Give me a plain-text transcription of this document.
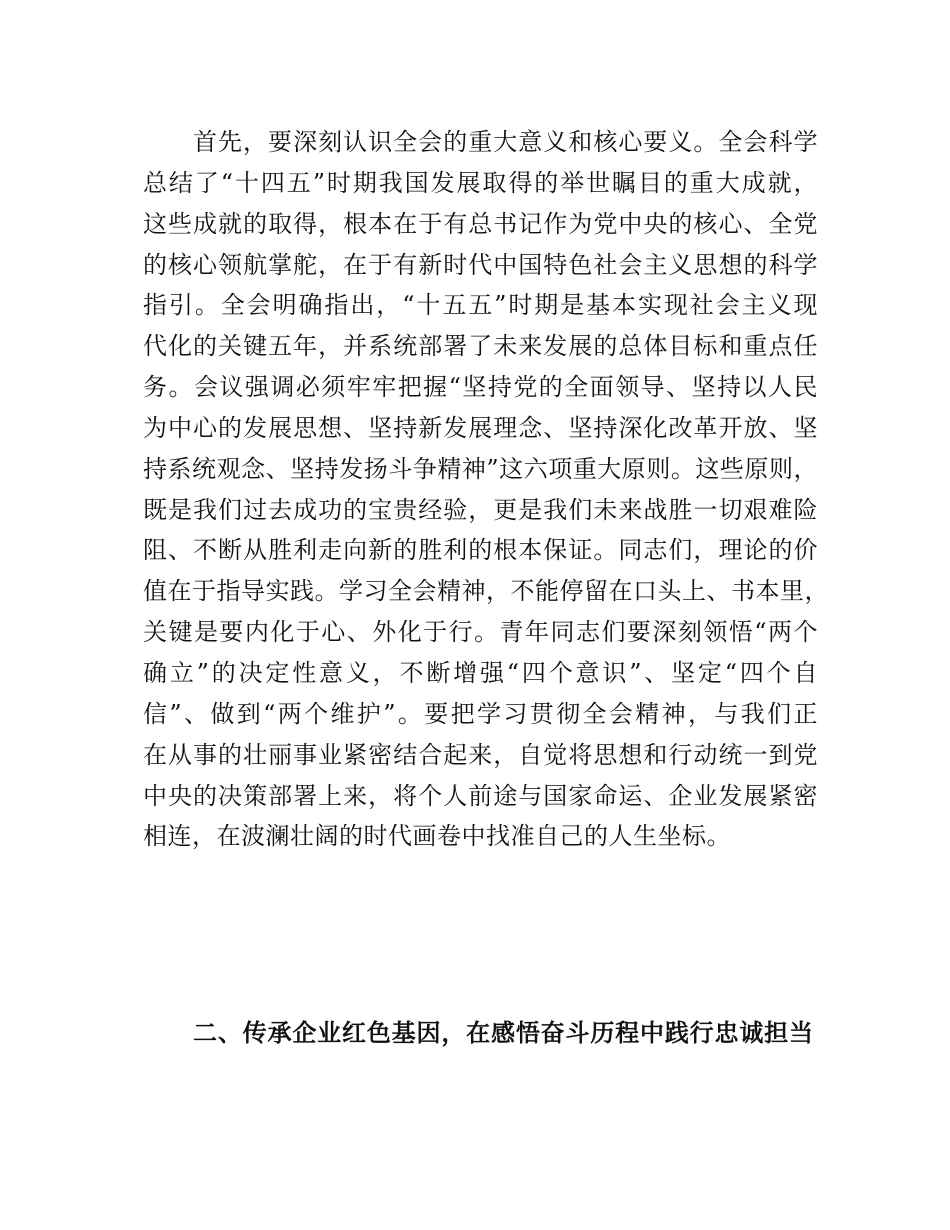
首先，要深刻认识全会的重大意义和核心要义。全会科学
总结了“十四五”时期我国发展取得的举世瞩目的重大成就，
这些成就的取得，根本在于有总书记作为党中央的核心、全党
的核心领航掌舵，在于有新时代中国特色社会主义思想的科学
指引。全会明确指出，“十五五”时期是基本实现社会主义现
代化的关键五年，并系统部署了未来发展的总体目标和重点任
务。会议强调必须牢牢把握“坚持党的全面领导、坚持以人民
为中心的发展思想、坚持新发展理念、坚持深化改革开放、坚
持系统观念、坚持发扬斗争精神”这六项重大原则。这些原则，
既是我们过去成功的宝贵经验，更是我们未来战胜一切艰难险
阻、不断从胜利走向新的胜利的根本保证。同志们，理论的价
值在于指导实践。学习全会精神，不能停留在口头上、书本里，
关键是要内化于心、外化于行。青年同志们要深刻领悟“两个
确立”的决定性意义，不断增强“四个意识”、坚定“四个自
信”、做到“两个维护”。要把学习贯彻全会精神，与我们正
在从事的壮丽事业紧密结合起来，自觉将思想和行动统一到党
中央的决策部署上来，将个人前途与国家命运、企业发展紧密
相连，在波澜壮阔的时代画卷中找准自己的人生坐标。
二、传承企业红色基因，在感悟奋斗历程中践行忠诚担当
